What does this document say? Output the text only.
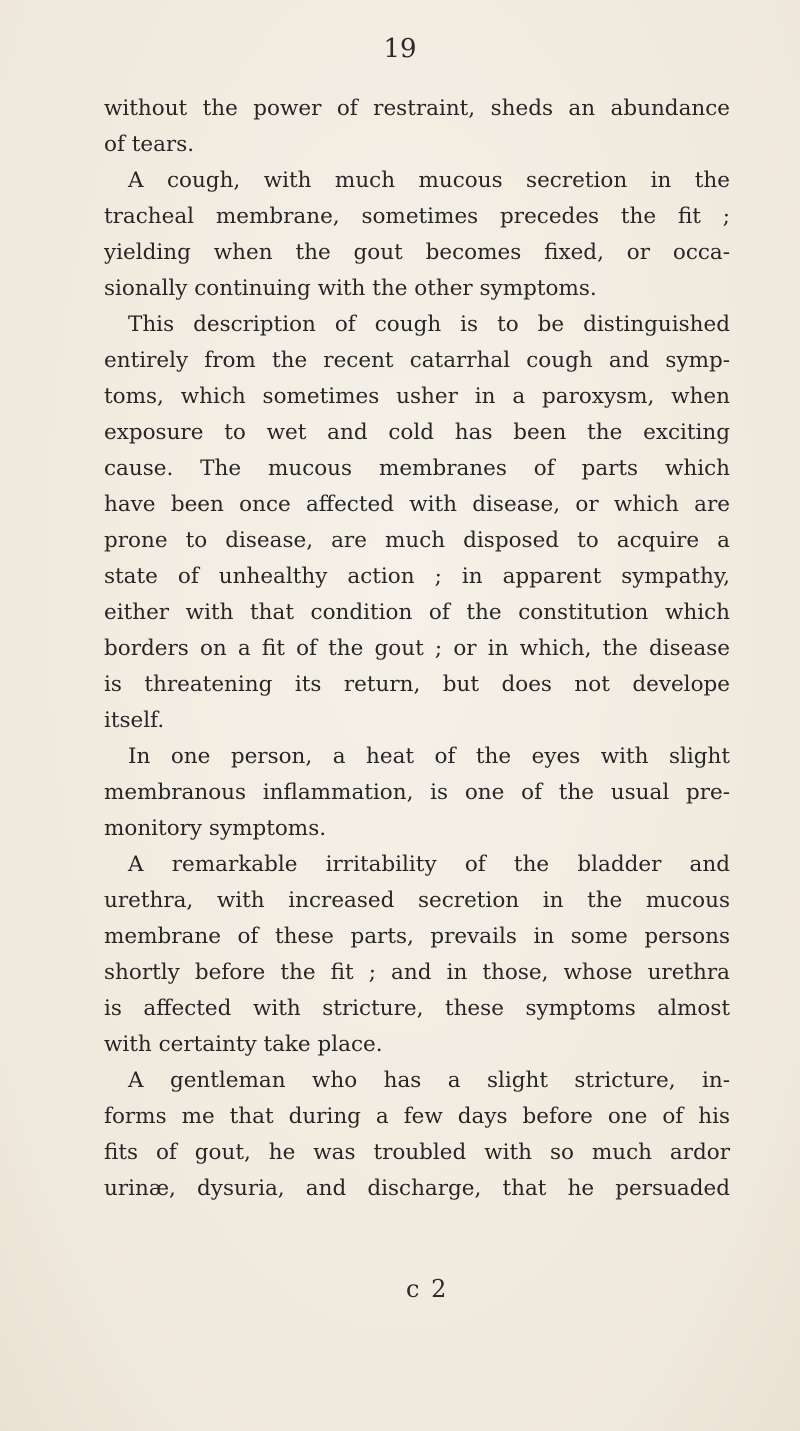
19
without the power of restraint, sheds an abundance
of tears.
A cough, with much mucous secretion in the
tracheal membrane, sometimes precedes the fit ;
yielding when the gout becomes fixed, or occa-
sionally continuing with the other symptoms.
This description of cough is to be distinguished
entirely from the recent catarrhal cough and symp-
toms, which sometimes usher in a paroxysm, when
exposure to wet and cold has been the exciting
cause. The mucous membranes of parts which
have been once affected with disease, or which are
prone to disease, are much disposed to acquire a
state of unhealthy action ; in apparent sympathy,
either with that condition of the constitution which
borders on a fit of the gout ; or in which, the disease
is threatening its return, but does not develope
itself.
In one person, a heat of the eyes with slight
membranous inflammation, is one of the usual pre-
monitory symptoms.
A remarkable irritability of the bladder and
urethra, with increased secretion in the mucous
membrane of these parts, prevails in some persons
shortly before the fit ; and in those, whose urethra
is affected with stricture, these symptoms almost
with certainty take place.
A gentleman who has a slight stricture, in-
forms me that during a few days before one of his
fits of gout, he was troubled with so much ardor
urinæ, dysuria, and discharge, that he persuaded
c 2
